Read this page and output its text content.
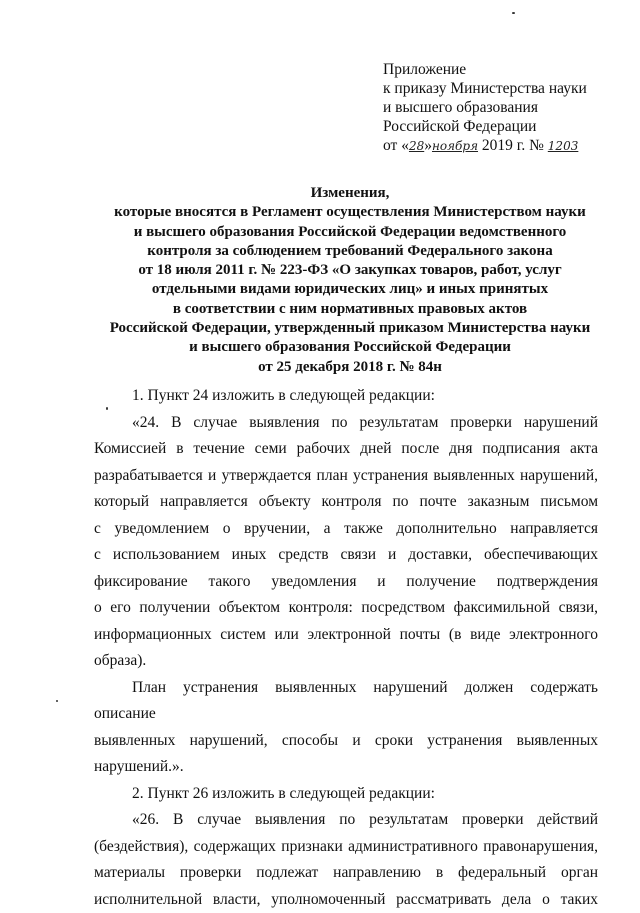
Приложение
к приказу Министерства науки
и высшего образования
Российской Федерации
от «28»ноября 2019 г. № 1203
Изменения,
которые вносятся в Регламент осуществления Министерством науки
и высшего образования Российской Федерации ведомственного
контроля за соблюдением требований Федерального закона
от 18 июля 2011 г. № 223-ФЗ «О закупках товаров, работ, услуг
отдельными видами юридических лиц» и иных принятых
в соответствии с ним нормативных правовых актов
Российской Федерации, утвержденный приказом Министерства науки
и высшего образования Российской Федерации
от 25 декабря 2018 г. № 84н
1. Пункт 24 изложить в следующей редакции:
«24. В случае выявления по результатам проверки нарушений
Комиссией в течение семи рабочих дней после дня подписания акта
разрабатывается и утверждается план устранения выявленных нарушений,
который направляется объекту контроля по почте заказным письмом
с уведомлением о вручении, а также дополнительно направляется
с использованием иных средств связи и доставки, обеспечивающих
фиксирование такого уведомления и получение подтверждения
о его получении объектом контроля: посредством факсимильной связи,
информационных систем или электронной почты (в виде электронного
образа).
План устранения выявленных нарушений должен содержать описание
выявленных нарушений, способы и сроки устранения выявленных
нарушений.».
2. Пункт 26 изложить в следующей редакции:
«26. В случае выявления по результатам проверки действий
(бездействия), содержащих признаки административного правонарушения,
материалы проверки подлежат направлению в федеральный орган
исполнительной власти, уполномоченный рассматривать дела о таких
